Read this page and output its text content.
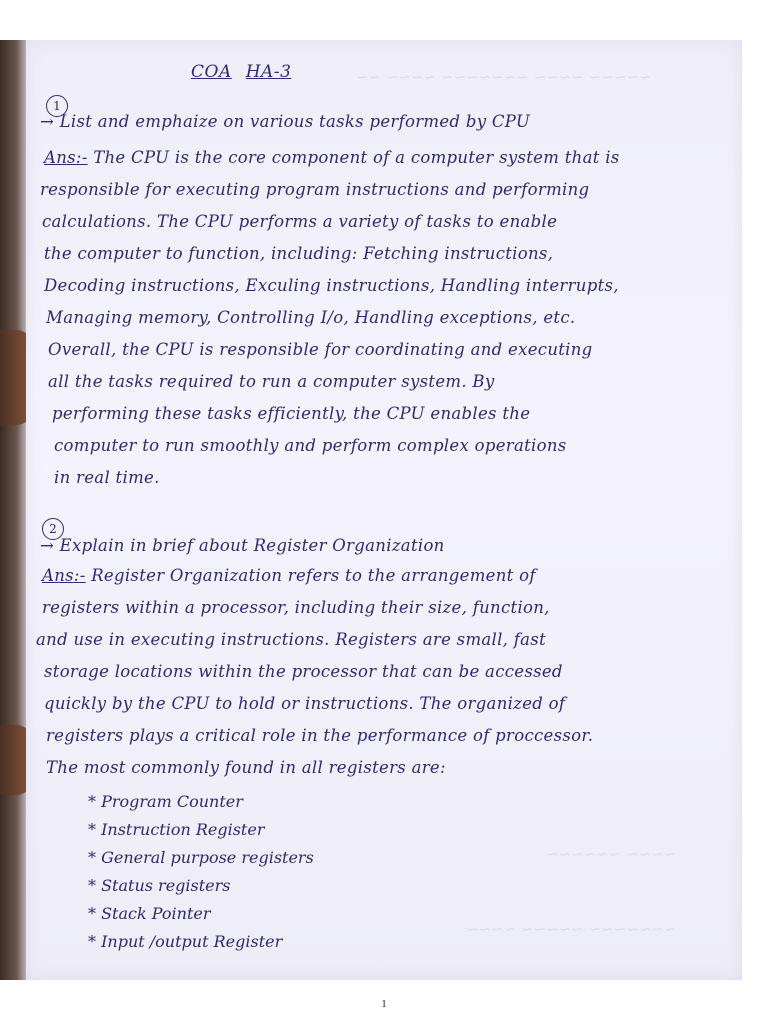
~~~~~ ~~~~ ~~~~~~~ ~~~~ ~~
~~~~ ~~~~~~
~~~~~~~ ~~~~~ ~~~~
COA HA-3
1
→ List and emphaize on various tasks performed by CPU
Ans:- The CPU is the core component of a computer system that is
responsible for executing program instructions and performing
calculations. The CPU performs a variety of tasks to enable
the computer to function, including: Fetching instructions,
Decoding instructions, Exculing instructions, Handling interrupts,
Managing memory, Controlling I/o, Handling exceptions, etc.
Overall, the CPU is responsible for coordinating and executing
all the tasks required to run a computer system. By
performing these tasks efficiently, the CPU enables the
computer to run smoothly and perform complex operations
in real time.
2
→ Explain in brief about Register Organization
Ans:- Register Organization refers to the arrangement of
registers within a processor, including their size, function,
and use in executing instructions. Registers are small, fast
storage locations within the processor that can be accessed
quickly by the CPU to hold or instructions. The organized of
registers plays a critical role in the performance of proccessor.
The most commonly found in all registers are:
* Program Counter
* Instruction Register
* General purpose registers
* Status registers
* Stack Pointer
* Input /output Register
1
